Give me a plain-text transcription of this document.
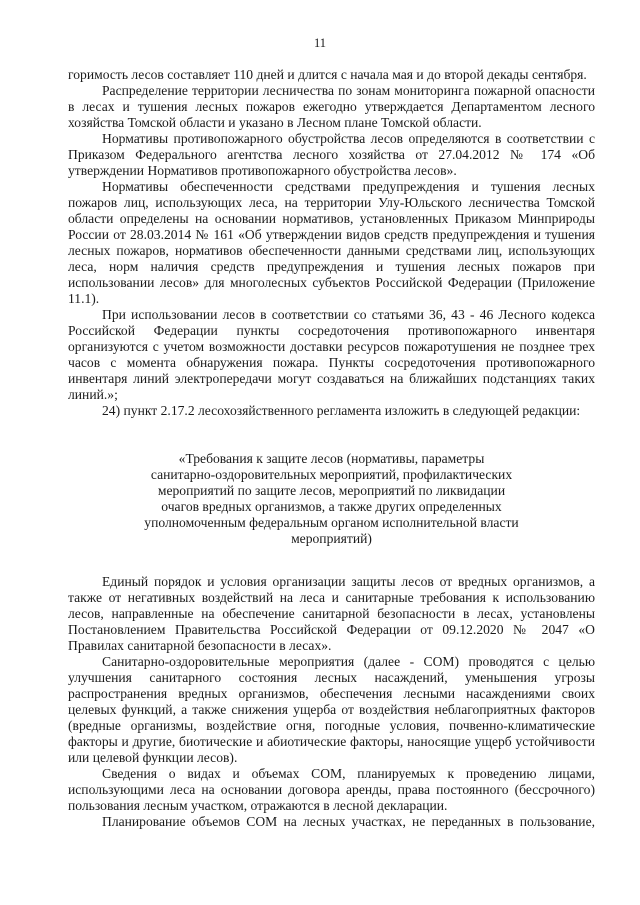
11

горимость лесов составляет 110 дней и длится с начала мая и до второй декады сентября.

Распределение территории лесничества по зонам мониторинга пожарной опасности в лесах и тушения лесных пожаров ежегодно утверждается Департаментом лесного хозяйства Томской области и указано в Лесном плане Томской области.

Нормативы противопожарного обустройства лесов определяются в соответствии с Приказом Федерального агентства лесного хозяйства от 27.04.2012 № 174 «Об утверждении Нормативов противопожарного обустройства лесов».

Нормативы обеспеченности средствами предупреждения и тушения лесных пожаров лиц, использующих леса, на территории Улу-Юльского лесничества Томской области определены на основании нормативов, установленных Приказом Минприроды России от 28.03.2014 № 161 «Об утверждении видов средств предупреждения и тушения лесных пожаров, нормативов обеспеченности данными средствами лиц, использующих леса, норм наличия средств предупреждения и тушения лесных пожаров при использовании лесов» для многолесных субъектов Российской Федерации (Приложение 11.1).

При использовании лесов в соответствии со статьями 36, 43 - 46 Лесного кодекса Российской Федерации пункты сосредоточения противопожарного инвентаря организуются с учетом возможности доставки ресурсов пожаротушения не позднее трех часов с момента обнаружения пожара. Пункты сосредоточения противопожарного инвентаря линий электропередачи могут создаваться на ближайших подстанциях таких линий.»;

24) пункт 2.17.2 лесохозяйственного регламента изложить в следующей редакции:

«Требования к защите лесов (нормативы, параметры

санитарно-оздоровительных мероприятий, профилактических

мероприятий по защите лесов, мероприятий по ликвидации

очагов вредных организмов, а также других определенных

уполномоченным федеральным органом исполнительной власти

мероприятий)

Единый порядок и условия организации защиты лесов от вредных организмов, а также от негативных воздействий на леса и санитарные требования к использованию лесов, направленные на обеспечение санитарной безопасности в лесах, установлены Постановлением Правительства Российской Федерации от 09.12.2020 № 2047 «О Правилах санитарной безопасности в лесах».

Санитарно-оздоровительные мероприятия (далее - СОМ) проводятся с целью улучшения санитарного состояния лесных насаждений, уменьшения угрозы распространения вредных организмов, обеспечения лесными насаждениями своих целевых функций, а также снижения ущерба от воздействия неблагоприятных факторов (вредные организмы, воздействие огня, погодные условия, почвенно-климатические факторы и другие, биотические и абиотические факторы, наносящие ущерб устойчивости или целевой функции лесов).

Сведения о видах и объемах СОМ, планируемых к проведению лицами, использующими леса на основании договора аренды, права постоянного (бессрочного) пользования лесным участком, отражаются в лесной декларации.

Планирование объемов СОМ на лесных участках, не переданных в пользование,
